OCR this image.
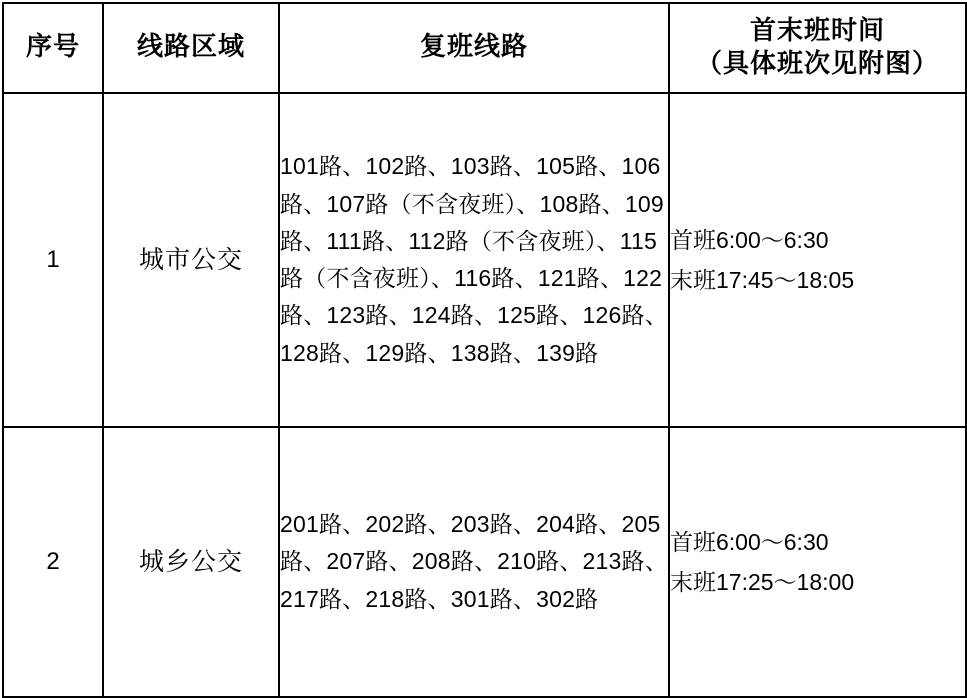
序号	线路区域	复班线路	首末班时间
（具体班次见附图）

1	城市公交	101路、102路、103路、105路、106路、107路（不含夜班）、108路、109路、111路、112路（不含夜班）、115路（不含夜班）、116路、121路、122路、123路、124路、125路、126路、128路、129路、138路、139路	首班6:00～6:30
末班17:45～18:05

2	城乡公交	201路、202路、203路、204路、205路、207路、208路、210路、213路、217路、218路、301路、302路	首班6:00～6:30
末班17:25～18:00
